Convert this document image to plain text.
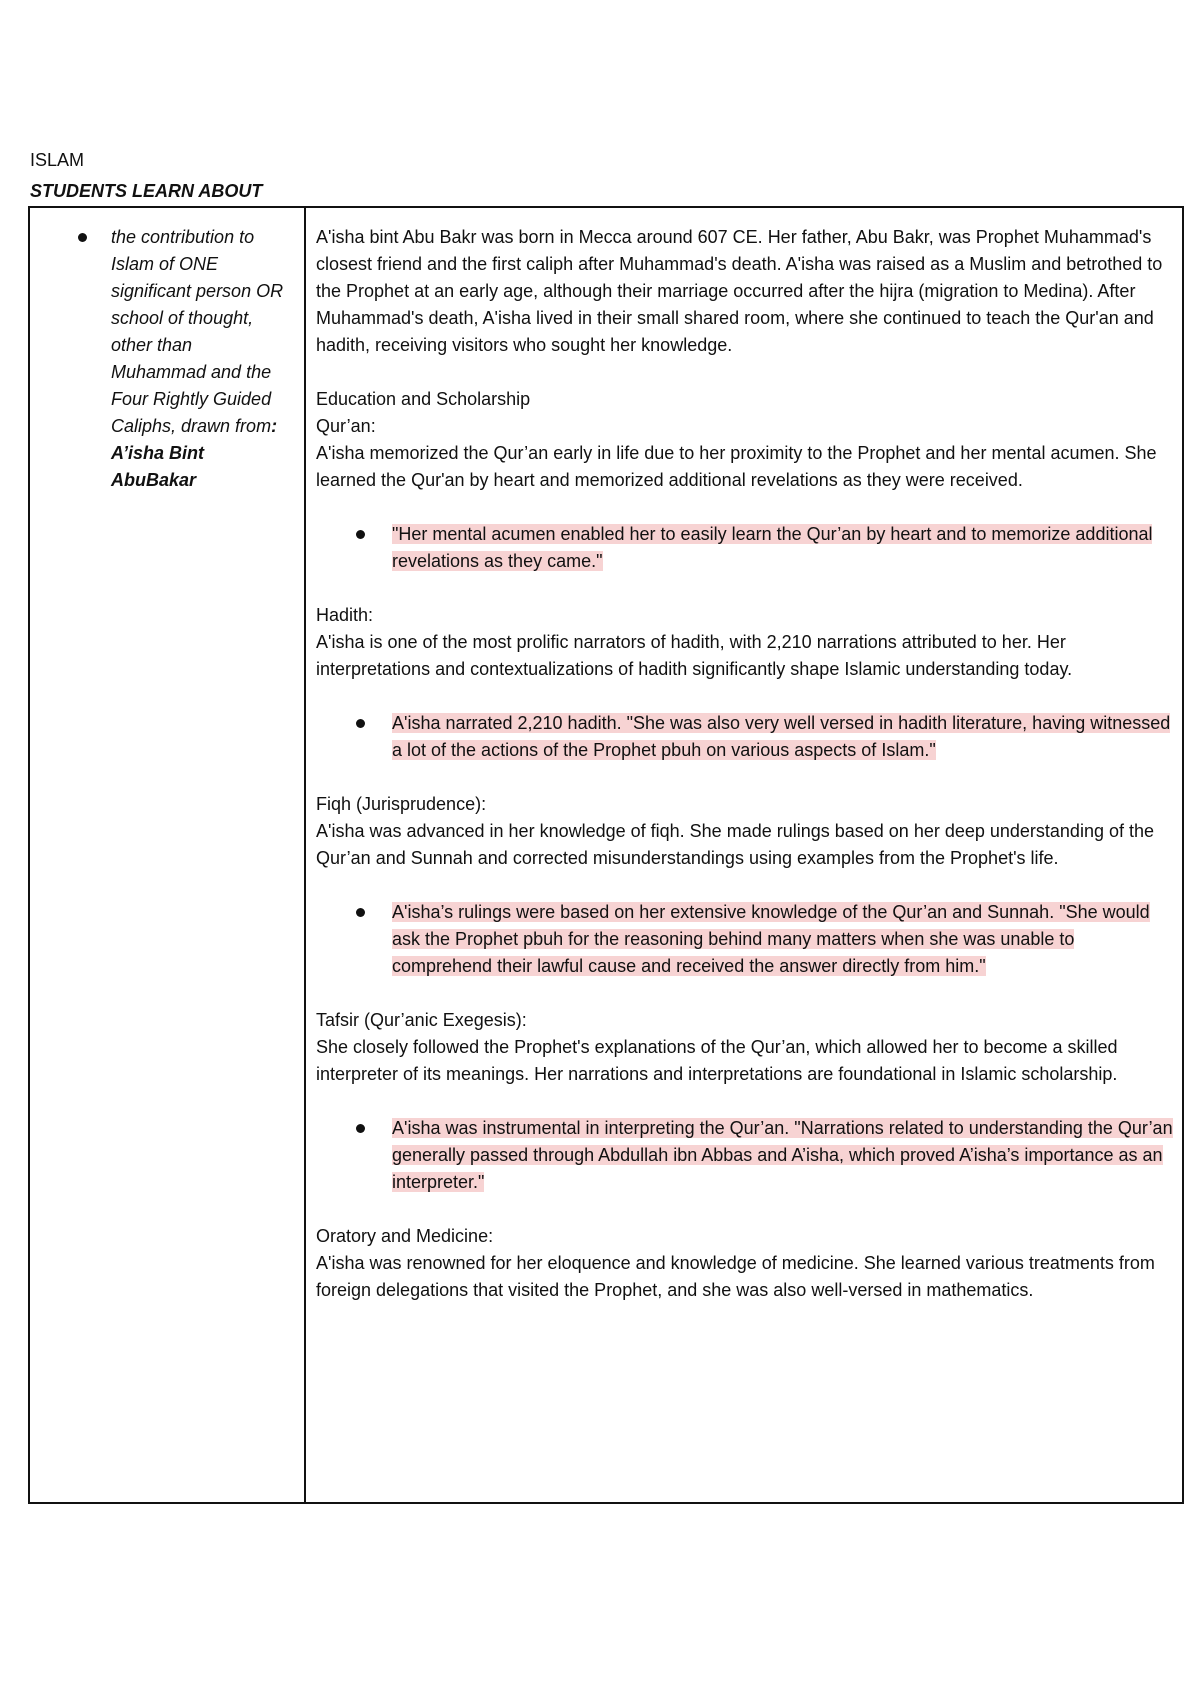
ISLAM

STUDENTS LEARN ABOUT

the contribution to Islam of ONE significant person OR school of thought, other than Muhammad and the Four Rightly Guided Caliphs, drawn from: A’isha Bint AbuBakar

A'isha bint Abu Bakr was born in Mecca around 607 CE. Her father, Abu Bakr, was Prophet Muhammad's closest friend and the first caliph after Muhammad's death. A'isha was raised as a Muslim and betrothed to the Prophet at an early age, although their marriage occurred after the hijra (migration to Medina). After Muhammad's death, A'isha lived in their small shared room, where she continued to teach the Qur'an and hadith, receiving visitors who sought her knowledge.

Education and Scholarship

Qur’an:

A'isha memorized the Qur’an early in life due to her proximity to the Prophet and her mental acumen. She learned the Qur'an by heart and memorized additional revelations as they were received.

"Her mental acumen enabled her to easily learn the Qur’an by heart and to memorize additional revelations as they came."

Hadith:

A'isha is one of the most prolific narrators of hadith, with 2,210 narrations attributed to her. Her interpretations and contextualizations of hadith significantly shape Islamic understanding today.

A'isha narrated 2,210 hadith. "She was also very well versed in hadith literature, having witnessed a lot of the actions of the Prophet pbuh on various aspects of Islam."

Fiqh (Jurisprudence):

A'isha was advanced in her knowledge of fiqh. She made rulings based on her deep understanding of the Qur’an and Sunnah and corrected misunderstandings using examples from the Prophet's life.

A'isha’s rulings were based on her extensive knowledge of the Qur’an and Sunnah. "She would ask the Prophet pbuh for the reasoning behind many matters when she was unable to comprehend their lawful cause and received the answer directly from him."

Tafsir (Qur’anic Exegesis):

She closely followed the Prophet's explanations of the Qur’an, which allowed her to become a skilled interpreter of its meanings. Her narrations and interpretations are foundational in Islamic scholarship.

A'isha was instrumental in interpreting the Qur’an. "Narrations related to understanding the Qur’an generally passed through Abdullah ibn Abbas and A’isha, which proved A’isha’s importance as an interpreter."

Oratory and Medicine:

A'isha was renowned for her eloquence and knowledge of medicine. She learned various treatments from foreign delegations that visited the Prophet, and she was also well-versed in mathematics.
